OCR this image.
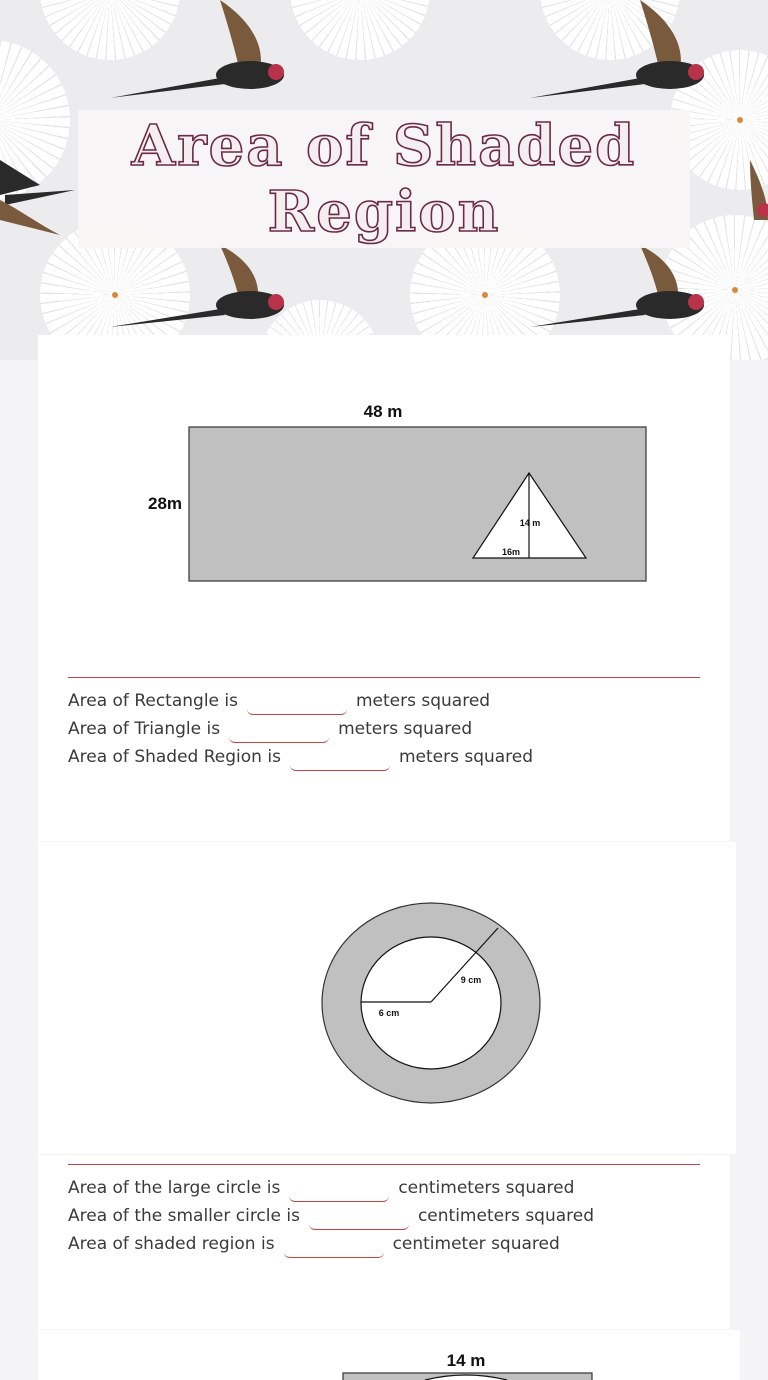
Area of Shaded Region
48 m
28m
14 m
16m
9 cm
6 cm
14 m
Area of Rectangle is	meters squared
Area of Triangle is	meters squared
Area of Shaded Region is	meters squared
Area of the large circle is	centimeters squared
Area of the smaller circle is	centimeters squared
Area of shaded region is	centimeter squared
